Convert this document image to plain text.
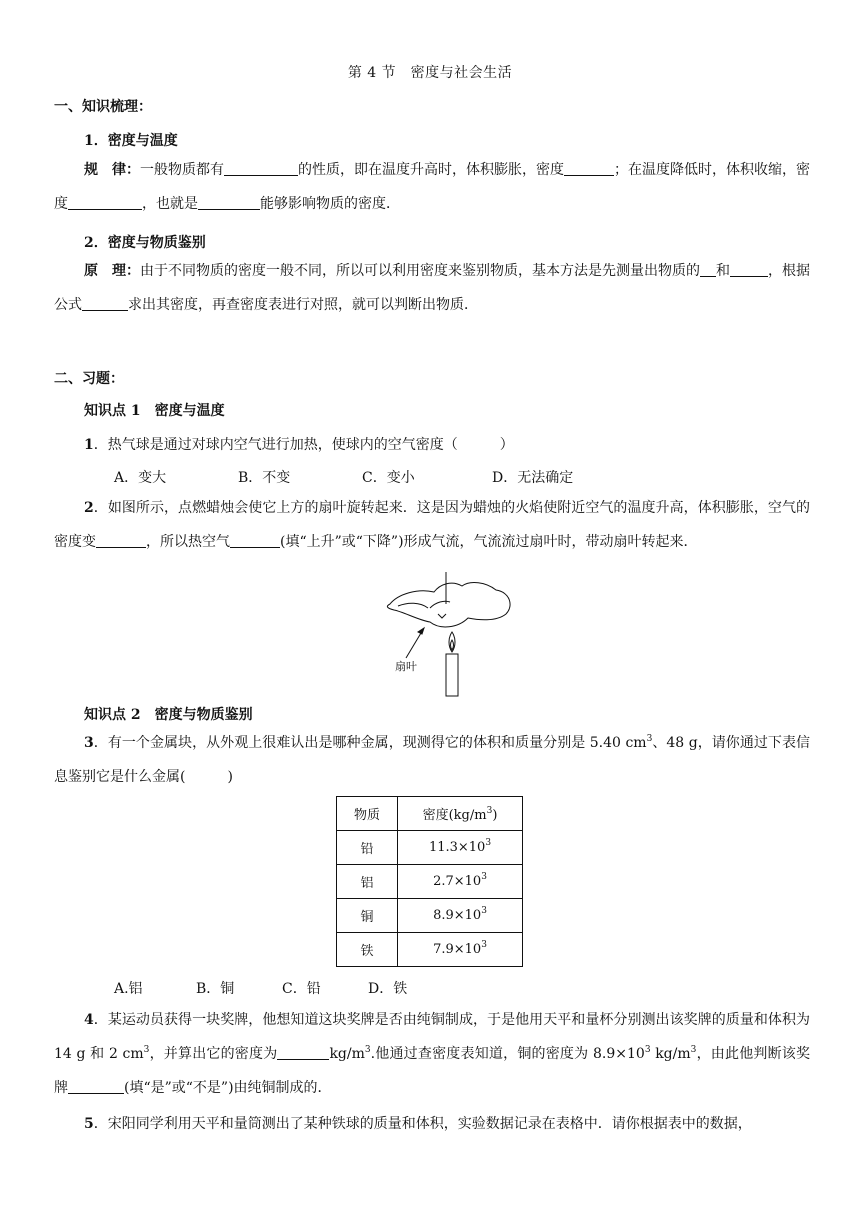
第 4 节　密度与社会生活
一、知识梳理：
1．密度与温度
规　律：一般物质都有	的性质，即在温度升高时，体积膨胀，密度	；在温度降低时，体积收缩，密度	，也就是	能够影响物质的密度．
2．密度与物质鉴别
原　理：由于不同物质的密度一般不同，所以可以利用密度来鉴别物质，基本方法是先测量出物质的 和	，根据公式	求出其密度，再查密度表进行对照，就可以判断出物质．
二、习题：
知识点 1　密度与温度
1．热气球是通过对球内空气进行加热，使球内的空气密度（　　　）
A．变大	B．不变	C．变小	D．无法确定
2．如图所示，点燃蜡烛会使它上方的扇叶旋转起来．这是因为蜡烛的火焰使附近空气的温度升高，体积膨胀，空气的密度变	，所以热空气	(填“上升”或“下降”)形成气流，气流流过扇叶时，带动扇叶转起来．
扇叶
知识点 2　密度与物质鉴别
3．有一个金属块，从外观上很难认出是哪种金属，现测得它的体积和质量分别是 5.40 $cm^3$、48 g，请你通过下表信息鉴别它是什么金属(　　　)
物质	密度$(kg/m^3)$
铅	$11.3\times 10^3$
铝	$2.7\times 10^3$
铜	$8.9\times 10^3$
铁	$7.9\times 10^3$
A.铝	B．铜	C．铅	D．铁
4．某运动员获得一块奖牌，他想知道这块奖牌是否由纯铜制成，于是他用天平和量杯分别测出该奖牌的质量和体积为 14 g 和 2 $cm^3$，并算出它的密度为	$kg/m^3$.他通过查密度表知道，铜的密度为 $8.9\times 10^3$ $kg/m^3$，由此他判断该奖牌	(填“是”或“不是”)由纯铜制成的．
5．宋阳同学利用天平和量筒测出了某种铁球的质量和体积，实验数据记录在表格中．请你根据表中的数据，
